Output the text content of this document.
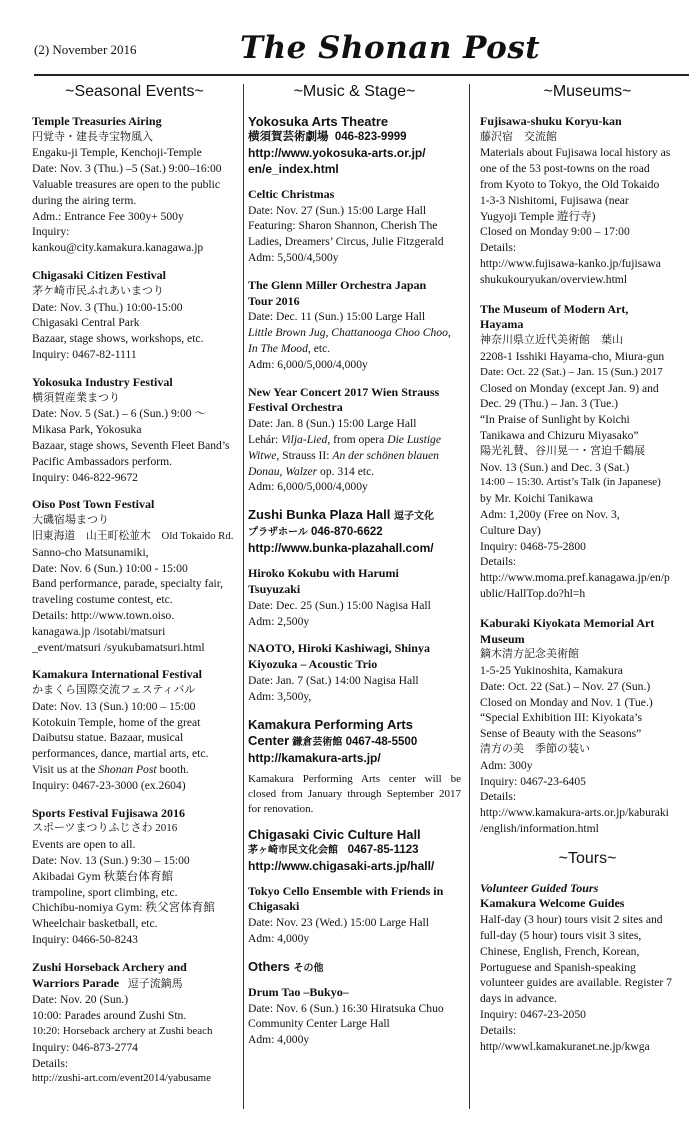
(2) November 2016	The Shonan Post
~Seasonal Events~
Temple Treasuries Airing
円覚寺・建長寺宝物風入
Engaku-ji Temple, Kenchoji-Temple
Date: Nov. 3 (Thu.) –5 (Sat.) 9:00–16:00
Valuable treasures are open to the public
during the airing term.
Adm.: Entrance Fee 300y+ 500y
Inquiry:
kankou@city.kamakura.kanagawa.jp
Chigasaki Citizen Festival
茅ケ崎市民ふれあいまつり
Date: Nov. 3 (Thu.) 10:00-15:00
Chigasaki Central Park
Bazaar, stage shows, workshops, etc.
Inquiry: 0467-82-1111
Yokosuka Industry Festival
横須賀産業まつり
Date: Nov. 5 (Sat.) – 6 (Sun.) 9:00 ～
Mikasa Park, Yokosuka
Bazaar, stage shows, Seventh Fleet Band’s
Pacific Ambassadors perform.
Inquiry: 046-822-9672
Oiso Post Town Festival
大磯宿場まつり
旧東海道　山王町松並木　Old Tokaido Rd.
Sanno-cho Matsunamiki,
Date: Nov. 6 (Sun.) 10:00 - 15:00
Band performance, parade, specialty fair,
traveling costume contest, etc.
Details: http://www.town.oiso.
kanagawa.jp /isotabi/matsuri
_event/matsuri /syukubamatsuri.html
Kamakura International Festival
かまくら国際交流フェスティバル
Date: Nov. 13 (Sun.) 10:00 – 15:00
Kotokuin Temple, home of the great
Daibutsu statue. Bazaar, musical
performances, dance, martial arts, etc.
Visit us at the Shonan Post booth.
Inquiry: 0467-23-3000 (ex.2604)
Sports Festival Fujisawa 2016
スポーツまつりふじさわ 2016
Events are open to all.
Date: Nov. 13 (Sun.) 9:30 – 15:00
Akibadai Gym 秋葉台体育館
trampoline, sport climbing, etc.
Chichibu-nomiya Gym: 秩父宮体育館
Wheelchair basketball, etc.
Inquiry: 0466-50-8243
Zushi Horseback Archery and
Warriors Parade 逗子流鏑馬
Date: Nov. 20 (Sun.)
10:00: Parades around Zushi Stn.
10:20: Horseback archery at Zushi beach
Inquiry: 046-873-2774
Details:
http://zushi-art.com/event2014/yabusame
~Music & Stage~
Yokosuka Arts Theatre
横須賀芸術劇場 046-823-9999
http://www.yokosuka-arts.or.jp/
en/e_index.html
Celtic Christmas
Date: Nov. 27 (Sun.) 15:00 Large Hall
Featuring: Sharon Shannon, Cherish The
Ladies, Dreamers’ Circus, Julie Fitzgerald
Adm: 5,500/4,500y
The Glenn Miller Orchestra Japan
Tour 2016
Date: Dec. 11 (Sun.) 15:00 Large Hall
Little Brown Jug, Chattanooga Choo Choo,
In The Mood, etc.
Adm: 6,000/5,000/4,000y
New Year Concert 2017 Wien Strauss
Festival Orchestra
Date: Jan. 8 (Sun.) 15:00 Large Hall
Lehár: Vilja-Lied, from opera Die Lustige
Witwe, Strauss II: An der schönen blauen
Donau, Walzer op. 314 etc.
Adm: 6,000/5,000/4,000y
Zushi Bunka Plaza Hall 逗子文化
プラザホール 046-870-6622
http://www.bunka-plazahall.com/
Hiroko Kokubu with Harumi
Tsuyuzaki
Date: Dec. 25 (Sun.) 15:00 Nagisa Hall
Adm: 2,500y
NAOTO, Hiroki Kashiwagi, Shinya
Kiyozuka – Acoustic Trio
Date: Jan. 7 (Sat.) 14:00 Nagisa Hall
Adm: 3,500y,
Kamakura Performing Arts
Center 鎌倉芸術館 0467-48-5500
http://kamakura-arts.jp/
Kamakura Performing Arts center will be closed from January through September 2017 for renovation.
Chigasaki Civic Culture Hall
茅ヶ崎市民文化会館 0467-85-1123
http://www.chigasaki-arts.jp/hall/
Tokyo Cello Ensemble with Friends in
Chigasaki
Date: Nov. 23 (Wed.) 15:00 Large Hall
Adm: 4,000y
Others その他
Drum Tao –Bukyo–
Date: Nov. 6 (Sun.) 16:30 Hiratsuka Chuo
Community Center Large Hall
Adm: 4,000y
~Museums~
Fujisawa-shuku Koryu-kan
藤沢宿　交流館
Materials about Fujisawa local history as
one of the 53 post-towns on the road
from Kyoto to Tokyo, the Old Tokaido
1-3-3 Nishitomi, Fujisawa (near
Yugyoji Temple 遊行寺)
Closed on Monday 9:00 – 17:00
Details:
http://www.fujisawa-kanko.jp/fujisawa
shukukouryukan/overview.html
The Museum of Modern Art,
Hayama
神奈川県立近代美術館　葉山
2208-1 Isshiki Hayama-cho, Miura-gun
Date: Oct. 22 (Sat.) – Jan. 15 (Sun.) 2017
Closed on Monday (except Jan. 9) and
Dec. 29 (Thu.) – Jan. 3 (Tue.)
“In Praise of Sunlight by Koichi
Tanikawa and Chizuru Miyasako”
陽光礼賛、谷川晃一・宮迫千鶴展
Nov. 13 (Sun.) and Dec. 3 (Sat.)
14:00 – 15:30. Artist’s Talk (in Japanese)
by Mr. Koichi Tanikawa
Adm: 1,200y (Free on Nov. 3,
Culture Day)
Inquiry: 0468-75-2800
Details:
http://www.moma.pref.kanagawa.jp/en/p
ublic/HallTop.do?hl=h
Kaburaki Kiyokata Memorial Art
Museum
鏑木清方記念美術館
1-5-25 Yukinoshita, Kamakura
Date: Oct. 22 (Sat.) – Nov. 27 (Sun.)
Closed on Monday and Nov. 1 (Tue.)
“Special Exhibition III: Kiyokata’s
Sense of Beauty with the Seasons”
清方の美　季節の装い
Adm: 300y
Inquiry: 0467-23-6405
Details:
http://www.kamakura-arts.or.jp/kaburaki
/english/information.html
~Tours~
Volunteer Guided Tours
Kamakura Welcome Guides
Half-day (3 hour) tours visit 2 sites and
full-day (5 hour) tours visit 3 sites,
Chinese, English, French, Korean,
Portuguese and Spanish-speaking
volunteer guides are available. Register 7
days in advance.
Inquiry: 0467-23-2050
Details:
http//wwwl.kamakuranet.ne.jp/kwga
